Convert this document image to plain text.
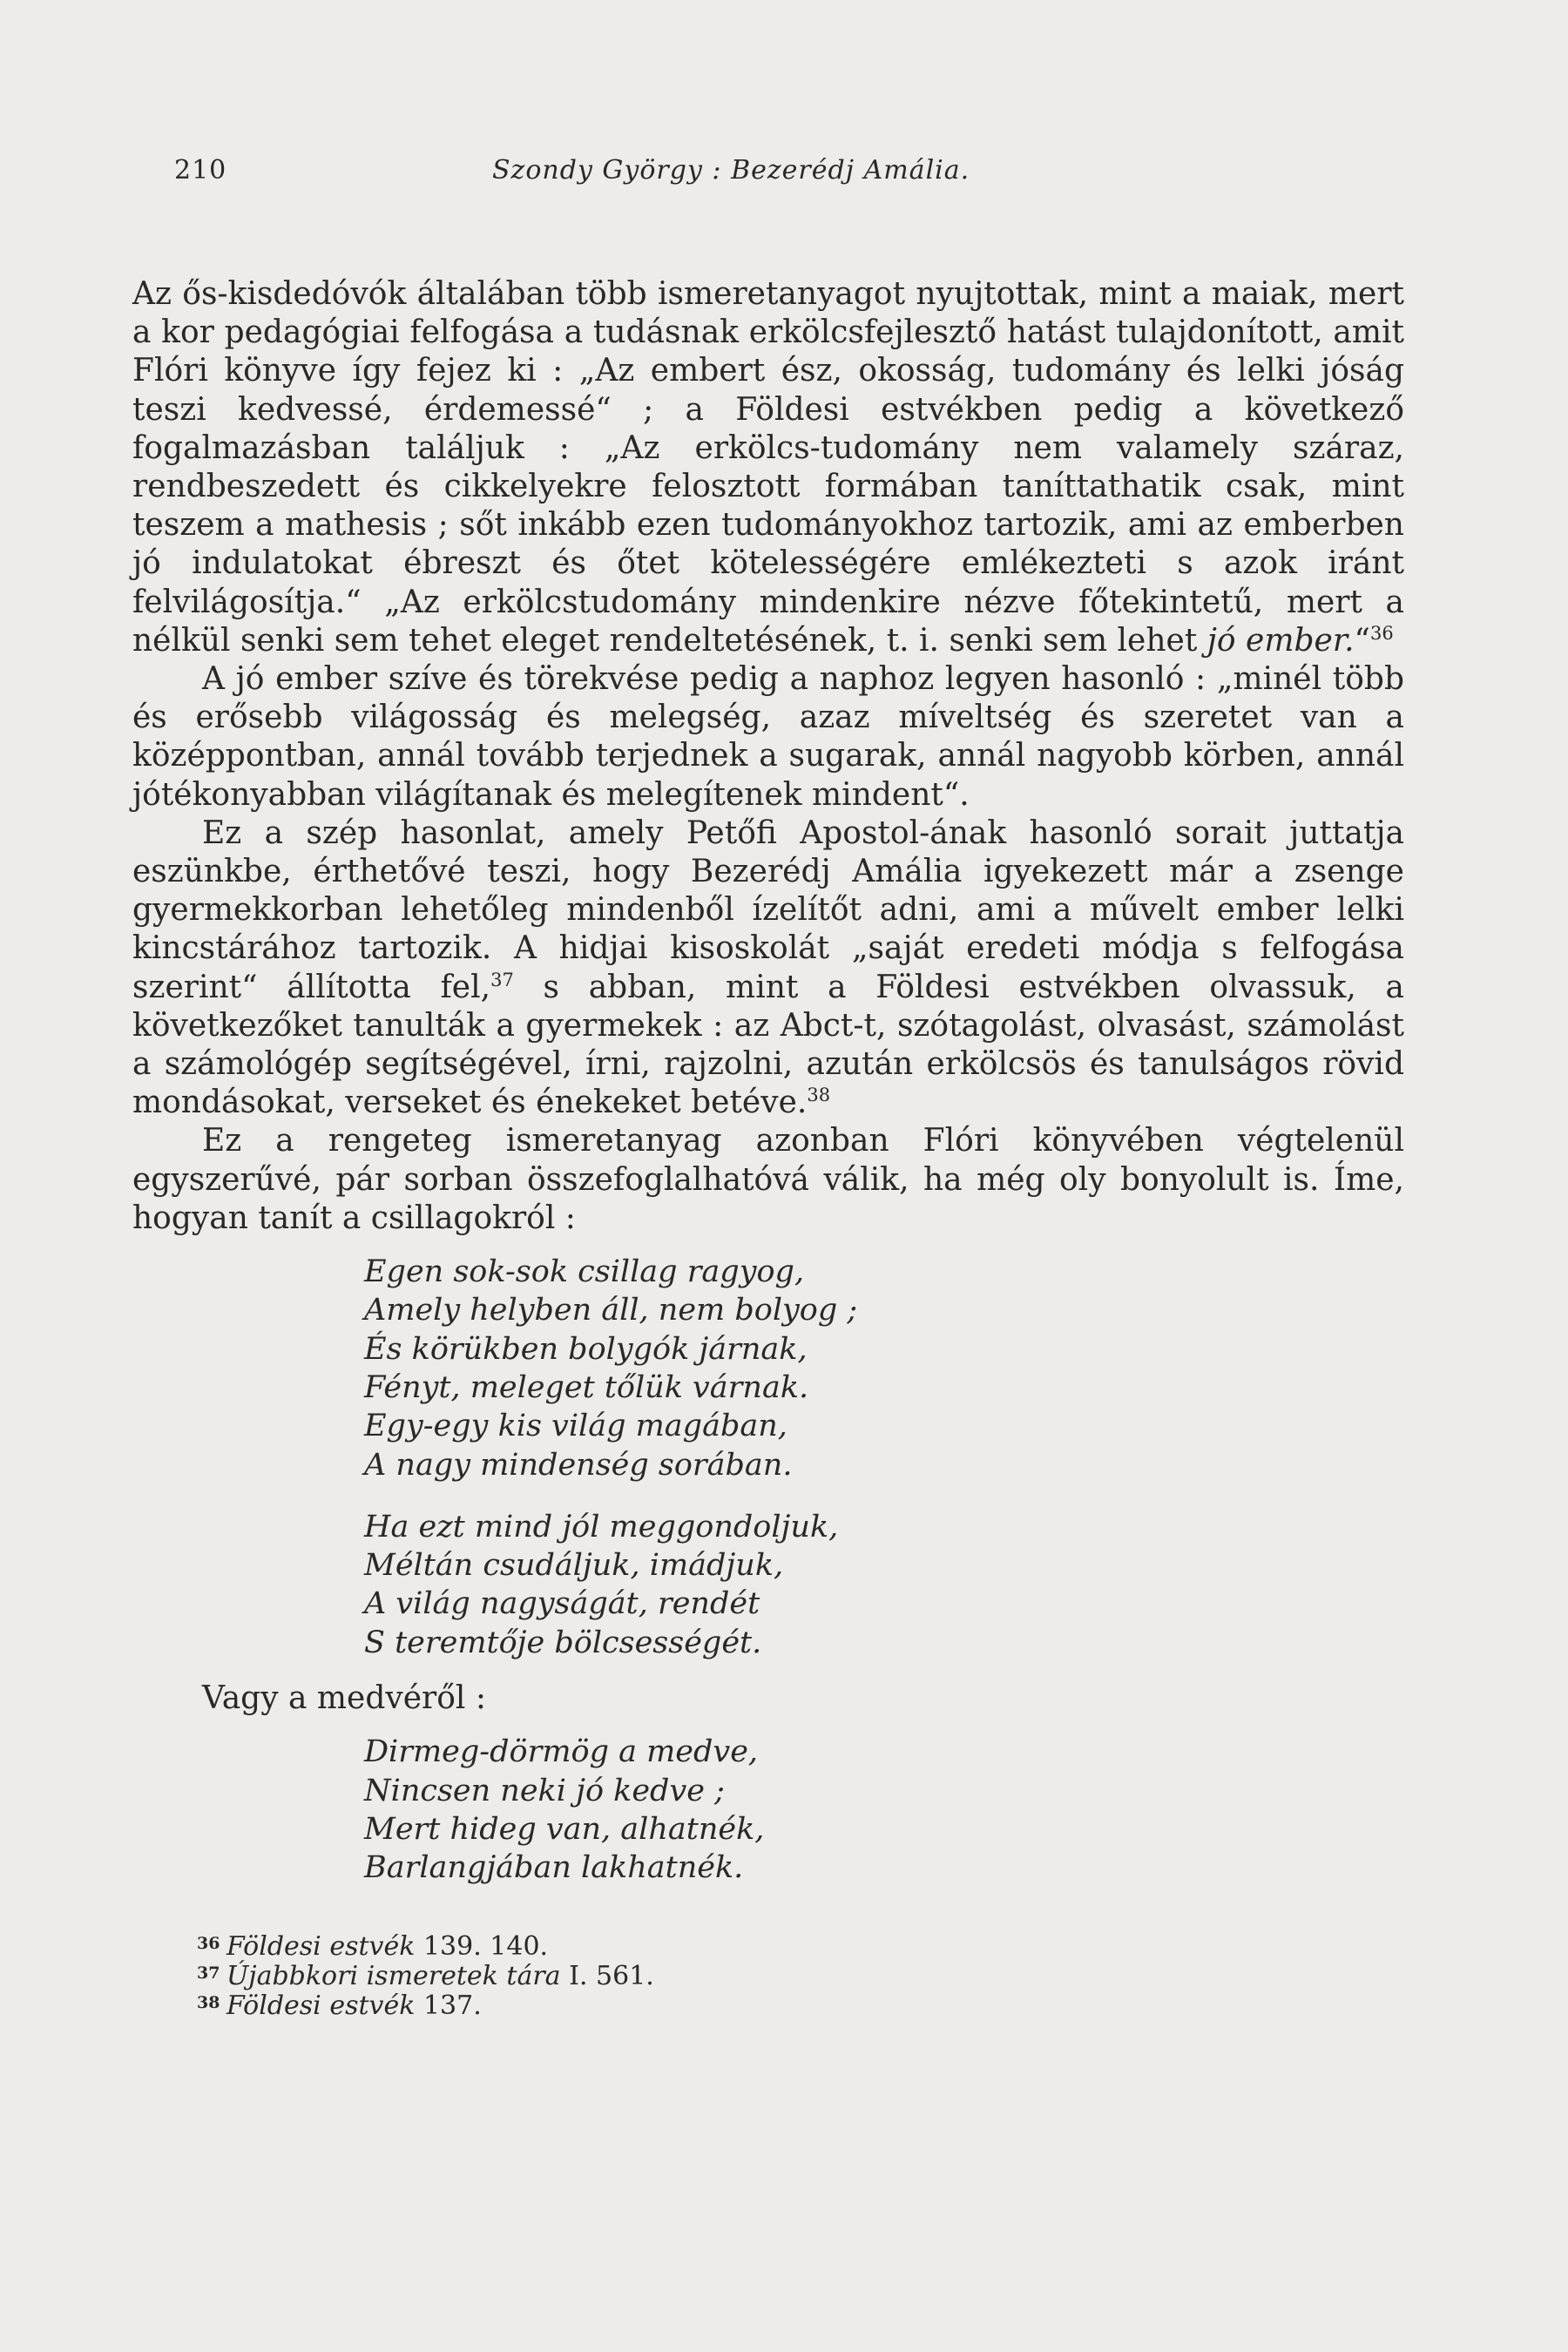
210	Szondy György : Bezerédj Amália.

Az ős-kisdedóvók általában több ismeretanyagot nyujtottak, mint a maiak, mert a kor pedagógiai felfogása a tudásnak erkölcsfejlesztő hatást tulajdonított, amit Flóri könyve így fejez ki : „Az embert ész, okosság, tudomány és lelki jóság teszi kedvessé, érdemessé“ ; a Földesi estvékben pedig a következő fogalmazásban találjuk : „Az erkölcs-tudomány nem valamely száraz, rendbeszedett és cikkelyekre felosztott formában taníttathatik csak, mint teszem a mathesis ; sőt inkább ezen tudományokhoz tartozik, ami az emberben jó indulatokat ébreszt és őtet kötelességére emlékezteti s azok iránt felvilágosítja.“ „Az erkölcstudomány mindenkire nézve főtekintetű, mert a nélkül senki sem tehet eleget rendeltetésének, t. i. senki sem lehet jó ember.“$^{36}$

A jó ember szíve és törekvése pedig a naphoz legyen hasonló : „minél több és erősebb világosság és melegség, azaz míveltség és szeretet van a középpontban, annál tovább terjednek a sugarak, annál nagyobb körben, annál jótékonyabban világítanak és melegítenek mindent“.

Ez a szép hasonlat, amely Petőfi Apostol-ának hasonló sorait juttatja eszünkbe, érthetővé teszi, hogy Bezerédj Amália igyekezett már a zsenge gyermekkorban lehetőleg mindenből ízelítőt adni, ami a művelt ember lelki kincstárához tartozik. A hidjai kisoskolát „saját eredeti módja s felfogása szerint“ állította fel,$^{37}$ s abban, mint a Földesi estvékben olvassuk, a következőket tanulták a gyermekek : az Abct-t, szótagolást, olvasást, számolást a számológép segítségével, írni, rajzolni, azután erkölcsös és tanulságos rövid mondásokat, verseket és énekeket betéve.$^{38}$

Ez a rengeteg ismeretanyag azonban Flóri könyvében végtelenül egyszerűvé, pár sorban összefoglalhatóvá válik, ha még oly bonyolult is. Íme, hogyan tanít a csillagokról :

Egen sok-sok csillag ragyog,
Amely helyben áll, nem bolyog ;
És körükben bolygók járnak,
Fényt, meleget tőlük várnak.
Egy-egy kis világ magában,
A nagy mindenség sorában.
Ha ezt mind jól meggondoljuk,
Méltán csudáljuk, imádjuk,
A világ nagyságát, rendét
S teremtője bölcsességét.

Vagy a medvéről :

Dirmeg-dörmög a medve,
Nincsen neki jó kedve ;
Mert hideg van, alhatnék,
Barlangjában lakhatnék.
36 Földesi estvék 139. 140.
37 Újabbkori ismeretek tára I. 561.
38 Földesi estvék 137.
